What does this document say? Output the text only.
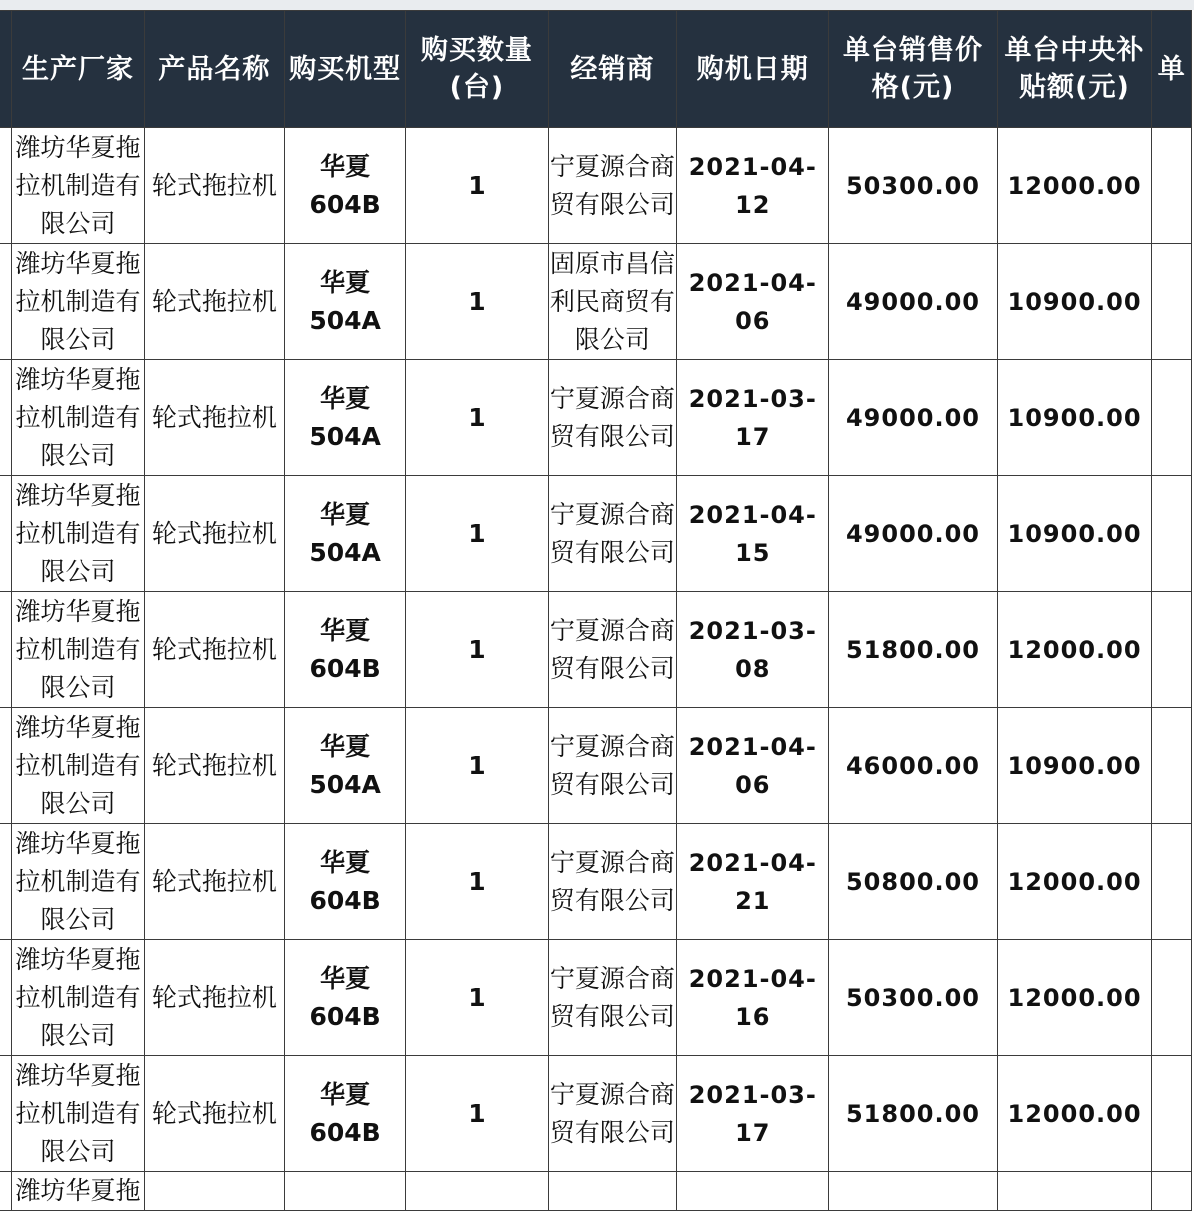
	生产厂家	产品名称	购买机型	购买数量(台)	经销商	购机日期	单台销售价格(元)	单台中央补贴额(元)	单
	潍坊华夏拖拉机制造有限公司	轮式拖拉机	华夏604B	1	宁夏源合商贸有限公司	2021-04-12	50300.00	12000.00	
	潍坊华夏拖拉机制造有限公司	轮式拖拉机	华夏504A	1	固原市昌信利民商贸有限公司	2021-04-06	49000.00	10900.00	
	潍坊华夏拖拉机制造有限公司	轮式拖拉机	华夏504A	1	宁夏源合商贸有限公司	2021-03-17	49000.00	10900.00	
	潍坊华夏拖拉机制造有限公司	轮式拖拉机	华夏504A	1	宁夏源合商贸有限公司	2021-04-15	49000.00	10900.00	
	潍坊华夏拖拉机制造有限公司	轮式拖拉机	华夏604B	1	宁夏源合商贸有限公司	2021-03-08	51800.00	12000.00	
	潍坊华夏拖拉机制造有限公司	轮式拖拉机	华夏504A	1	宁夏源合商贸有限公司	2021-04-06	46000.00	10900.00	
	潍坊华夏拖拉机制造有限公司	轮式拖拉机	华夏604B	1	宁夏源合商贸有限公司	2021-04-21	50800.00	12000.00	
	潍坊华夏拖拉机制造有限公司	轮式拖拉机	华夏604B	1	宁夏源合商贸有限公司	2021-04-16	50300.00	12000.00	
	潍坊华夏拖拉机制造有限公司	轮式拖拉机	华夏604B	1	宁夏源合商贸有限公司	2021-03-17	51800.00	12000.00	
	潍坊华夏拖								
